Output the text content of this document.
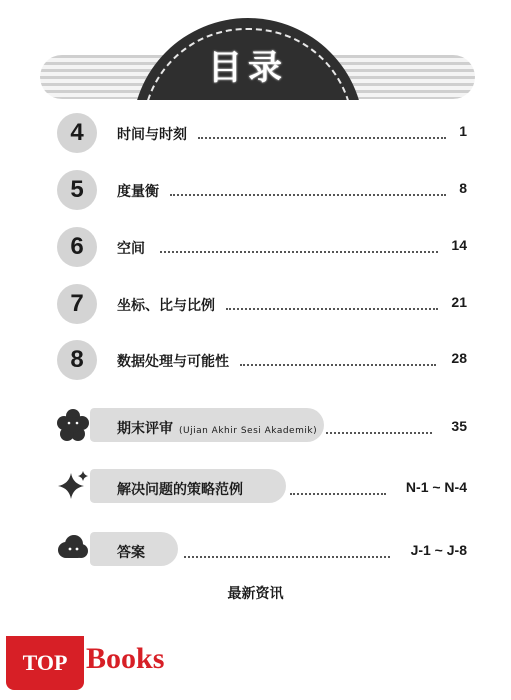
目录
4	时间与时刻	1
5	度量衡	8
6	空间	14
7	坐标、比与比例	21
8	数据处理与可能性	28
期末评审 (Ujian Akhir Sesi Akademik)	35
解决问题的策略范例	N-1 ~ N-4
答案	J-1 ~ J-8
最新资讯
TOP Books
